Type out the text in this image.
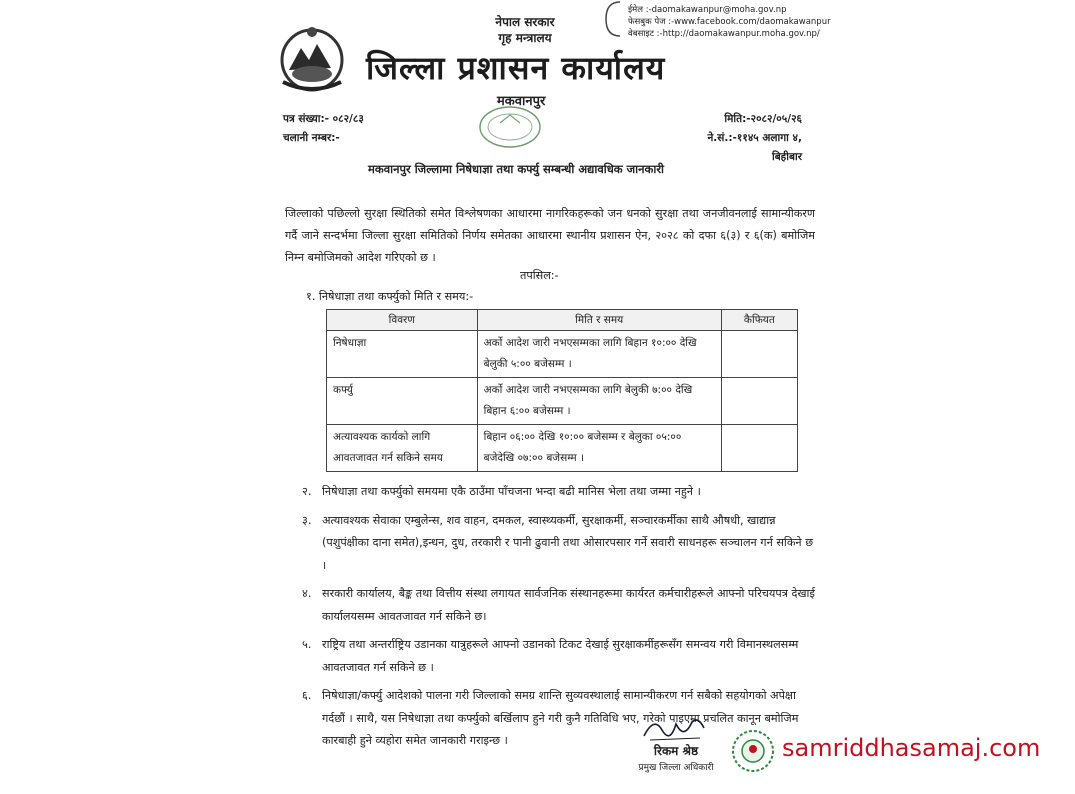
नेपाल सरकार
गृह मन्त्रालय
जिल्ला प्रशासन कार्यालय
मकवानपुर
ईमेल :-daomakawanpur@moha.gov.np
फेसबुक पेज :-www.facebook.com/daomakawanpur
वेबसाइट :-http://daomakawanpur.moha.gov.np/
पत्र संख्या:- ०८२/८३
चलानी नम्बर:-
मिति:-२०८२/०५/२६
ने.सं.:-११४५ अलागा ४, बिहीबार
मकवानपुर जिल्लामा निषेधाज्ञा तथा कर्फ्यु सम्बन्धी अद्यावधिक जानकारी
जिल्लाको पछिल्लो सुरक्षा स्थितिको समेत विश्लेषणका आधारमा नागरिकहरूको जन धनको सुरक्षा तथा जनजीवनलाई सामान्यीकरण गर्दै जाने सन्दर्भमा जिल्ला सुरक्षा समितिको निर्णय समेतका आधारमा स्थानीय प्रशासन ऐन, २०२८ को दफा ६(३) र ६(क) बमोजिम निम्न बमोजिमको आदेश गरिएको छ ।
तपसिल:-
१. निषेधाज्ञा तथा कर्फ्युको मिति र समय:-
विवरण	मिति र समय	कैफियत
निषेधाज्ञा	अर्को आदेश जारी नभएसम्मका लागि बिहान १०:०० देखि बेलुकी ५:०० बजेसम्म ।	
कर्फ्यु	अर्को आदेश जारी नभएसम्मका लागि बेलुकी ७:०० देखि बिहान ६:०० बजेसम्म ।	
अत्यावश्यक कार्यको लागि आवतजावत गर्न सकिने समय	बिहान ०६:०० देखि १०:०० बजेसम्म र बेलुका ०५:०० बजेदेखि ०७:०० बजेसम्म ।	
२. निषेधाज्ञा तथा कर्फ्युको समयमा एकै ठाउँमा पाँचजना भन्दा बढी मानिस भेला तथा जम्मा नहुने ।
३. अत्यावश्यक सेवाका एम्बुलेन्स, शव वाहन, दमकल, स्वास्थ्यकर्मी, सुरक्षाकर्मी, सञ्चारकर्मीका साथै औषधी, खाद्यान्न (पशुपंक्षीका दाना समेत),इन्धन, दुध, तरकारी र पानी ढुवानी तथा ओसारपसार गर्ने सवारी साधनहरू सञ्चालन गर्न सकिने छ ।
४. सरकारी कार्यालय, बैङ्क तथा वित्तीय संस्था लगायत सार्वजनिक संस्थानहरूमा कार्यरत कर्मचारीहरूले आफ्नो परिचयपत्र देखाई कार्यालयसम्म आवतजावत गर्न सकिने छ।
५. राष्ट्रिय तथा अन्तर्राष्ट्रिय उडानका यात्रुहरूले आफ्नो उडानको टिकट देखाई सुरक्षाकर्मीहरूसँग समन्वय गरी विमानस्थलसम्म आवतजावत गर्न सकिने छ ।
६. निषेधाज्ञा/कर्फ्यु आदेशको पालना गरी जिल्लाको समग्र शान्ति सुव्यवस्थालाई सामान्यीकरण गर्न सबैको सहयोगको अपेक्षा गर्दछौं । साथै, यस निषेधाज्ञा तथा कर्फ्युको बर्खिलाप हुने गरी कुनै गतिविधि भए, गरेको पाइएमा प्रचलित कानून बमोजिम कारबाही हुने व्यहोरा समेत जानकारी गराइन्छ ।
रिकम श्रेष्ठ
प्रमुख जिल्ला अधिकारी
samriddhasamaj.com
